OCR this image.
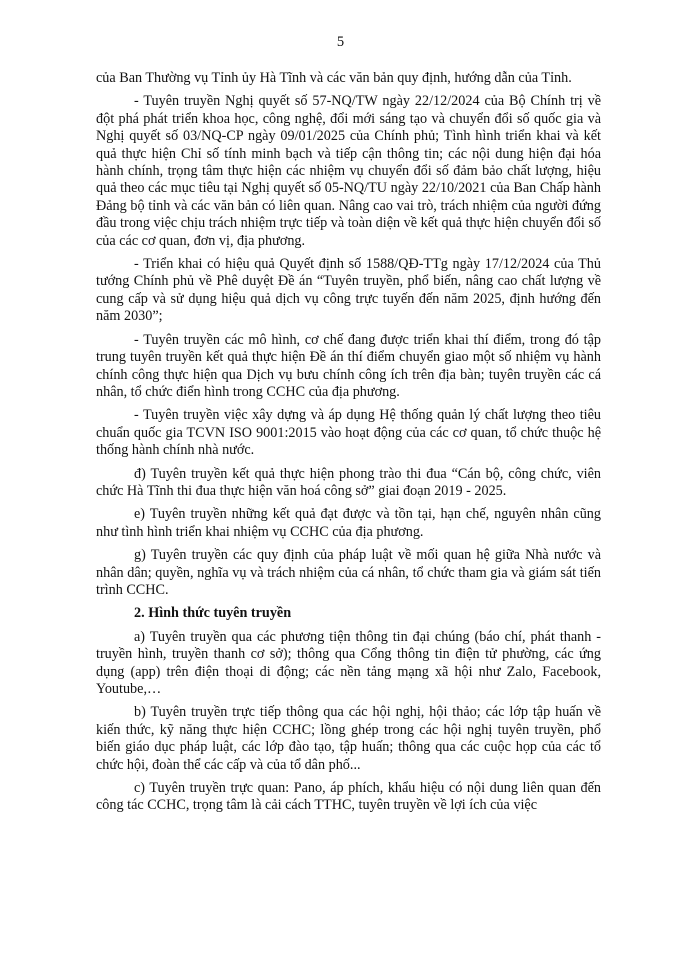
5

của Ban Thường vụ Tỉnh ủy Hà Tĩnh và các văn bản quy định, hướng dẫn của Tỉnh.

- Tuyên truyền Nghị quyết số 57-NQ/TW ngày 22/12/2024 của Bộ Chính trị về đột phá phát triển khoa học, công nghệ, đổi mới sáng tạo và chuyển đổi số quốc gia và Nghị quyết số 03/NQ-CP ngày 09/01/2025 của Chính phủ; Tình hình triển khai và kết quả thực hiện Chỉ số tính minh bạch và tiếp cận thông tin; các nội dung hiện đại hóa hành chính, trọng tâm thực hiện các nhiệm vụ chuyển đổi số đảm bảo chất lượng, hiệu quả theo các mục tiêu tại Nghị quyết số 05-NQ/TU ngày 22/10/2021 của Ban Chấp hành Đảng bộ tỉnh và các văn bản có liên quan. Nâng cao vai trò, trách nhiệm của người đứng đầu trong việc chịu trách nhiệm trực tiếp và toàn diện về kết quả thực hiện chuyển đổi số của các cơ quan, đơn vị, địa phương.

- Triển khai có hiệu quả Quyết định số 1588/QĐ-TTg ngày 17/12/2024 của Thủ tướng Chính phủ về Phê duyệt Đề án “Tuyên truyền, phổ biến, nâng cao chất lượng về cung cấp và sử dụng hiệu quả dịch vụ công trực tuyến đến năm 2025, định hướng đến năm 2030”;

- Tuyên truyền các mô hình, cơ chế đang được triển khai thí điểm, trong đó tập trung tuyên truyền kết quả thực hiện Đề án thí điểm chuyển giao một số nhiệm vụ hành chính công thực hiện qua Dịch vụ bưu chính công ích trên địa bàn; tuyên truyền các cá nhân, tổ chức điển hình trong CCHC của địa phương.

- Tuyên truyền việc xây dựng và áp dụng Hệ thống quản lý chất lượng theo tiêu chuẩn quốc gia TCVN ISO 9001:2015 vào hoạt động của các cơ quan, tổ chức thuộc hệ thống hành chính nhà nước.

đ) Tuyên truyền kết quả thực hiện phong trào thi đua “Cán bộ, công chức, viên chức Hà Tĩnh thi đua thực hiện văn hoá công sở” giai đoạn 2019 - 2025.

e) Tuyên truyền những kết quả đạt được và tồn tại, hạn chế, nguyên nhân cũng như tình hình triển khai nhiệm vụ CCHC của địa phương.

g) Tuyên truyền các quy định của pháp luật về mối quan hệ giữa Nhà nước và nhân dân; quyền, nghĩa vụ và trách nhiệm của cá nhân, tổ chức tham gia và giám sát tiến trình CCHC.

2. Hình thức tuyên truyền

a) Tuyên truyền qua các phương tiện thông tin đại chúng (báo chí, phát thanh - truyền hình, truyền thanh cơ sở); thông qua Cổng thông tin điện tử phường, các ứng dụng (app) trên điện thoại di động; các nền tảng mạng xã hội như Zalo, Facebook, Youtube,…

b) Tuyên truyền trực tiếp thông qua các hội nghị, hội thảo; các lớp tập huấn về kiến thức, kỹ năng thực hiện CCHC; lồng ghép trong các hội nghị tuyên truyền, phổ biến giáo dục pháp luật, các lớp đào tạo, tập huấn; thông qua các cuộc họp của các tổ chức hội, đoàn thể các cấp và của tổ dân phố...

c) Tuyên truyền trực quan: Pano, áp phích, khẩu hiệu có nội dung liên quan đến công tác CCHC, trọng tâm là cải cách TTHC, tuyên truyền về lợi ích của việc
